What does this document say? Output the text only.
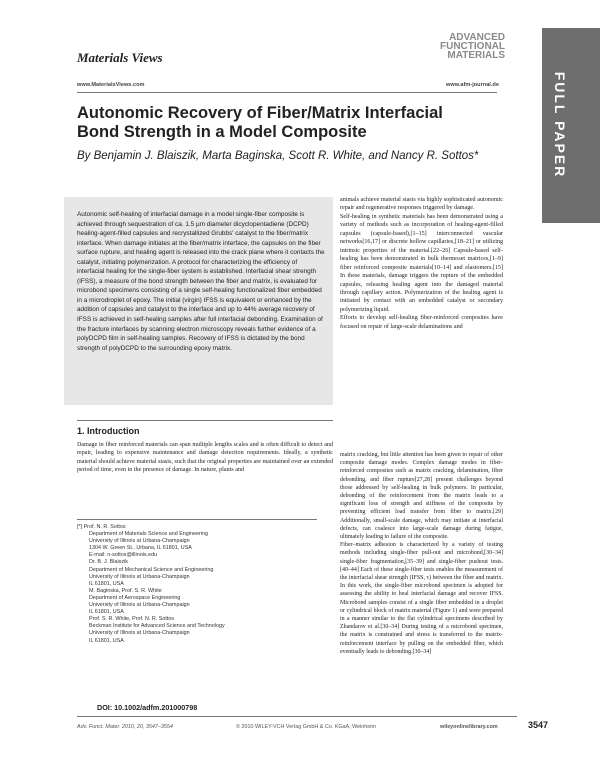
Materials Views
www.MaterialsViews.com
ADVANCED
FUNCTIONAL
MATERIALS
www.afm-journal.de	FULL PAPER
Autonomic Recovery of Fiber/Matrix Interfacial Bond Strength in a Model Composite
By Benjamin J. Blaiszik, Marta Baginska, Scott R. White, and Nancy R. Sottos*
Autonomic self-healing of interfacial damage in a model single-fiber composite is achieved through sequestration of ca. 1.5 µm diameter dicyclopentadiene (DCPD) healing-agent-filled capsules and recrystallized Grubbs' catalyst to the fiber/matrix interface. When damage initiates at the fiber/matrix interface, the capsules on the fiber surface rupture, and healing agent is released into the crack plane where it contacts the catalyst, initiating polymerization. A protocol for characterizing the efficiency of interfacial healing for the single-fiber system is established. Interfacial shear strength (IFSS), a measure of the bond strength between the fiber and matrix, is evaluated for microbond specimens consisting of a single self-healing functionalized fiber embedded in a microdroplet of epoxy. The initial (virgin) IFSS is equivalent or enhanced by the addition of capsules and catalyst to the interface and up to 44% average recovery of IFSS is achieved in self-healing samples after full interfacial debonding. Examination of the fracture interfaces by scanning electron microscopy reveals further evidence of a polyDCPD film in self-healing samples. Recovery of IFSS is dictated by the bond strength of polyDCPD to the surrounding epoxy matrix.
1. Introduction
Damage in fiber reinforced materials can span multiple lengths scales and is often difficult to detect and repair, leading to expensive maintenance and damage detection requirements. Ideally, a synthetic material should achieve material stasis, such that the original properties are maintained over an extended period of time, even in the presence of damage. In nature, plants and
[*] Prof. N. R. Sottos
Department of Materials Science and Engineering
University of Illinois at Urbana-Champaign
1304 W. Green St., Urbana, IL 61801, USA
E-mail: n-sottos@illinois.edu
Dr. B. J. Blaiszik
Department of Mechanical Science and Engineering
University of Illinois at Urbana-Champaign
IL 61801, USA
M. Baginska, Prof. S. R. White
Department of Aerospace Engineering
University of Illinois at Urbana-Champaign
IL 61801, USA
Prof. S. R. White, Prof. N. R. Sottos
Beckman Institute for Advanced Science and Technology
University of Illinois at Urbana-Champaign
IL 61801, USA
DOI: 10.1002/adfm.201000798
animals achieve material stasis via highly sophisticated autonomic repair and regenerative responses triggered by damage.
Self-healing in synthetic materials has been demonstrated using a variety of methods such as incorporation of healing-agent-filled capsules (capsule-based),[1–15] interconnected vascular networks[16,17] or discrete hollow capillaries,[18–21] or utilizing intrinsic properties of the material.[22–26] Capsule-based self-healing has been demonstrated in bulk thermoset matrices,[1–9] fiber reinforced composite materials[10–14] and elastomers.[15] In these materials, damage triggers the rupture of the embedded capsules, releasing healing agent into the damaged material through capillary action. Polymerization of the healing agent is initiated by contact with an embedded catalyst or secondary polymerizing liquid.
Efforts to develop self-healing fiber-reinforced composites have focused on repair of large-scale delaminations and
matrix cracking, but little attention has been given to repair of other composite damage modes. Complex damage modes in fiber-reinforced composites such as matrix cracking, delamination, fiber debonding, and fiber rupture[27,28] present challenges beyond those addressed by self-healing in bulk polymers. In particular, debonding of the reinforcement from the matrix leads to a significant loss of strength and stiffness of the composite by preventing efficient load transfer from fiber to matrix.[29] Additionally, small-scale damage, which may initiate at interfacial defects, can coalesce into large-scale damage during fatigue, ultimately leading to failure of the composite.
Fiber–matrix adhesion is characterized by a variety of testing methods including single-fiber pull-out and microbond,[30–34] single-fiber fragmentation,[35–39] and single-fiber pushout tests.[40–44] Each of these single-fiber tests enables the measurement of the interfacial shear strength (IFSS, τ) between the fiber and matrix. In this work, the single-fiber microbond specimen is adopted for assessing the ability to heal interfacial damage and recover IFSS. Microbond samples consist of a single fiber embedded in a droplet or cylindrical block of matrix material (Figure 1) and were prepared in a manner similar to the flat cylindrical specimens described by Zhandarov et al.[30–34] During testing of a microbond specimen, the matrix is constrained and stress is transferred to the matrix-reinforcement interface by pulling on the embedded fiber, which eventually leads to debonding.[30–34]
Adv. Funct. Mater. 2010, 20, 3547–3554	© 2010 WILEY-VCH Verlag GmbH & Co. KGaA, Weinheim	wileyonlinelibrary.com	3547
